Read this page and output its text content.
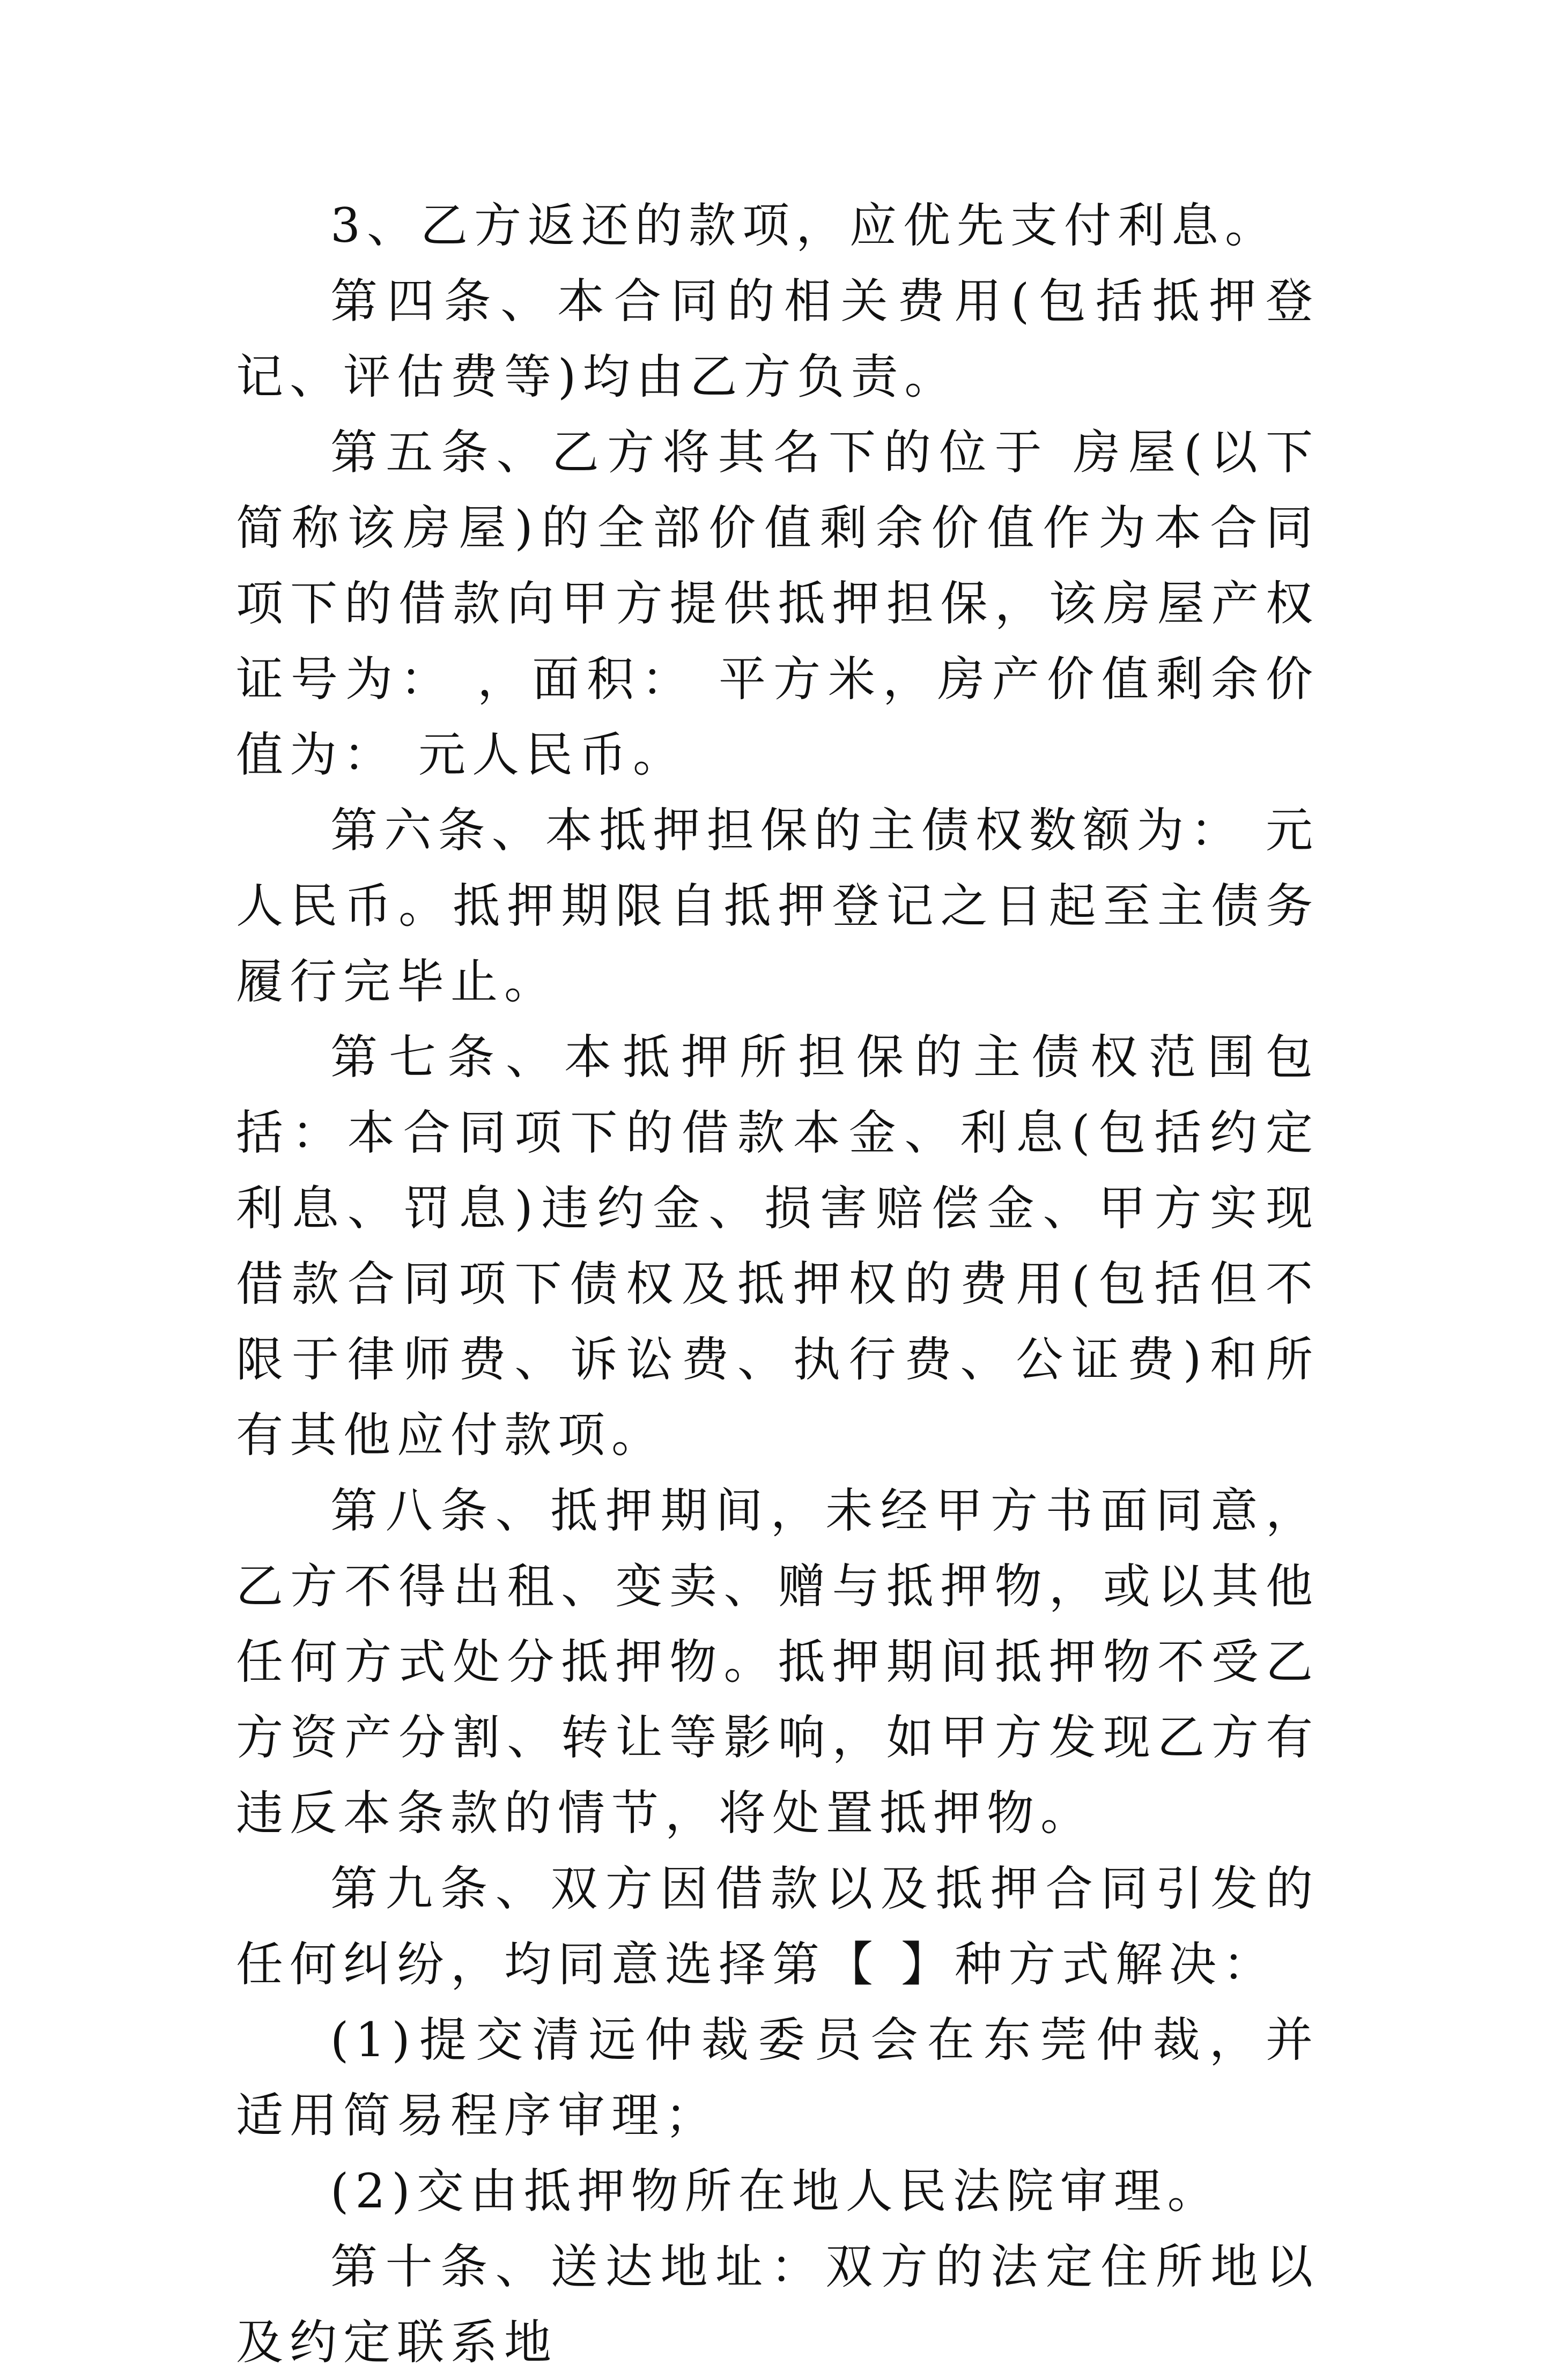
3、乙方返还的款项，应优先支付利息。

第四条、本合同的相关费用(包括抵押登记、评估费等)均由乙方负责。

第五条、乙方将其名下的位于 房屋(以下简称该房屋)的全部价值剩余价值作为本合同项下的借款向甲方提供抵押担保，该房屋产权证号为： ，面积： 平方米，房产价值剩余价值为： 元人民币。

第六条、本抵押担保的主债权数额为： 元人民币。抵押期限自抵押登记之日起至主债务履行完毕止。

第七条、本抵押所担保的主债权范围包括：本合同项下的借款本金、利息(包括约定利息、罚息)违约金、损害赔偿金、甲方实现借款合同项下债权及抵押权的费用(包括但不限于律师费、诉讼费、执行费、公证费)和所有其他应付款项。

第八条、抵押期间，未经甲方书面同意，乙方不得出租、变卖、赠与抵押物，或以其他任何方式处分抵押物。抵押期间抵押物不受乙方资产分割、转让等影响，如甲方发现乙方有违反本条款的情节，将处置抵押物。

第九条、双方因借款以及抵押合同引发的任何纠纷，均同意选择第【 】种方式解决：

(1)提交清远仲裁委员会在东莞仲裁，并适用简易程序审理；

(2)交由抵押物所在地人民法院审理。

第十条、送达地址：双方的法定住所地以及约定联系地
